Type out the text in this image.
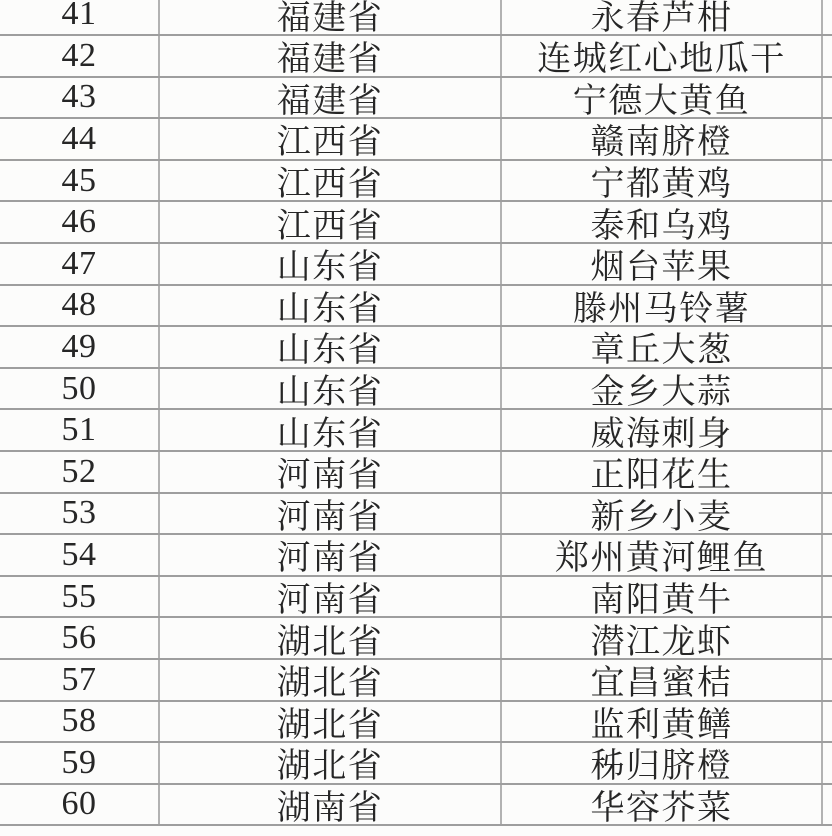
41	福建省	永春芦柑
42	福建省	连城红心地瓜干
43	福建省	宁德大黄鱼
44	江西省	赣南脐橙
45	江西省	宁都黄鸡
46	江西省	泰和乌鸡
47	山东省	烟台苹果
48	山东省	滕州马铃薯
49	山东省	章丘大葱
50	山东省	金乡大蒜
51	山东省	威海刺身
52	河南省	正阳花生
53	河南省	新乡小麦
54	河南省	郑州黄河鲤鱼
55	河南省	南阳黄牛
56	湖北省	潜江龙虾
57	湖北省	宜昌蜜桔
58	湖北省	监利黄鳝
59	湖北省	秭归脐橙
60	湖南省	华容芥菜
